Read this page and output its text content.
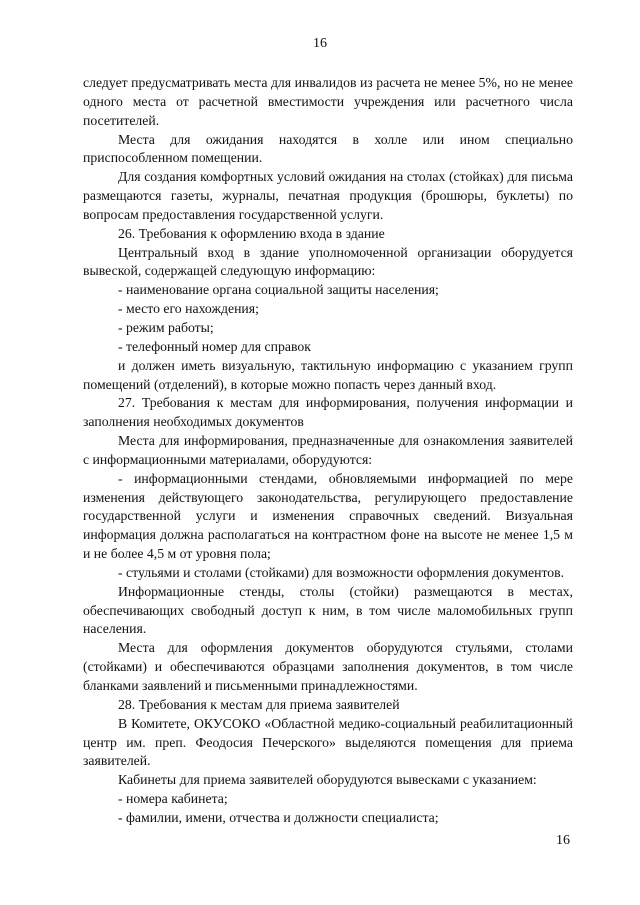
16

следует предусматривать места для инвалидов из расчета не менее 5%, но не менее одного места от расчетной вместимости учреждения или расчетного числа посетителей.

Места для ожидания находятся в холле или ином специально приспособленном помещении.

Для создания комфортных условий ожидания на столах (стойках) для письма размещаются газеты, журналы, печатная продукция (брошюры, буклеты) по вопросам предоставления государственной услуги.

26. Требования к оформлению входа в здание

Центральный вход в здание уполномоченной организации оборудуется вывеской, содержащей следующую информацию:

- наименование органа социальной защиты населения;

- место его нахождения;

- режим работы;

- телефонный номер для справок

и должен иметь визуальную, тактильную информацию с указанием групп помещений (отделений), в которые можно попасть через данный вход.

27. Требования к местам для информирования, получения информации и заполнения необходимых документов

Места для информирования, предназначенные для ознакомления заявителей с информационными материалами, оборудуются:

- информационными стендами, обновляемыми информацией по мере изменения действующего законодательства, регулирующего предоставление государственной услуги и изменения справочных сведений. Визуальная информация должна располагаться на контрастном фоне на высоте не менее 1,5 м и не более 4,5 м от уровня пола;

- стульями и столами (стойками) для возможности оформления документов.

Информационные стенды, столы (стойки) размещаются в местах, обеспечивающих свободный доступ к ним, в том числе маломобильных групп населения.

Места для оформления документов оборудуются стульями, столами (стойками) и обеспечиваются образцами заполнения документов, в том числе бланками заявлений и письменными принадлежностями.

28. Требования к местам для приема заявителей

В Комитете, ОКУСОКО «Областной медико-социальный реабилитационный центр им. преп. Феодосия Печерского» выделяются помещения для приема заявителей.

Кабинеты для приема заявителей оборудуются вывесками с указанием:

- номера кабинета;

- фамилии, имени, отчества и должности специалиста;

16
